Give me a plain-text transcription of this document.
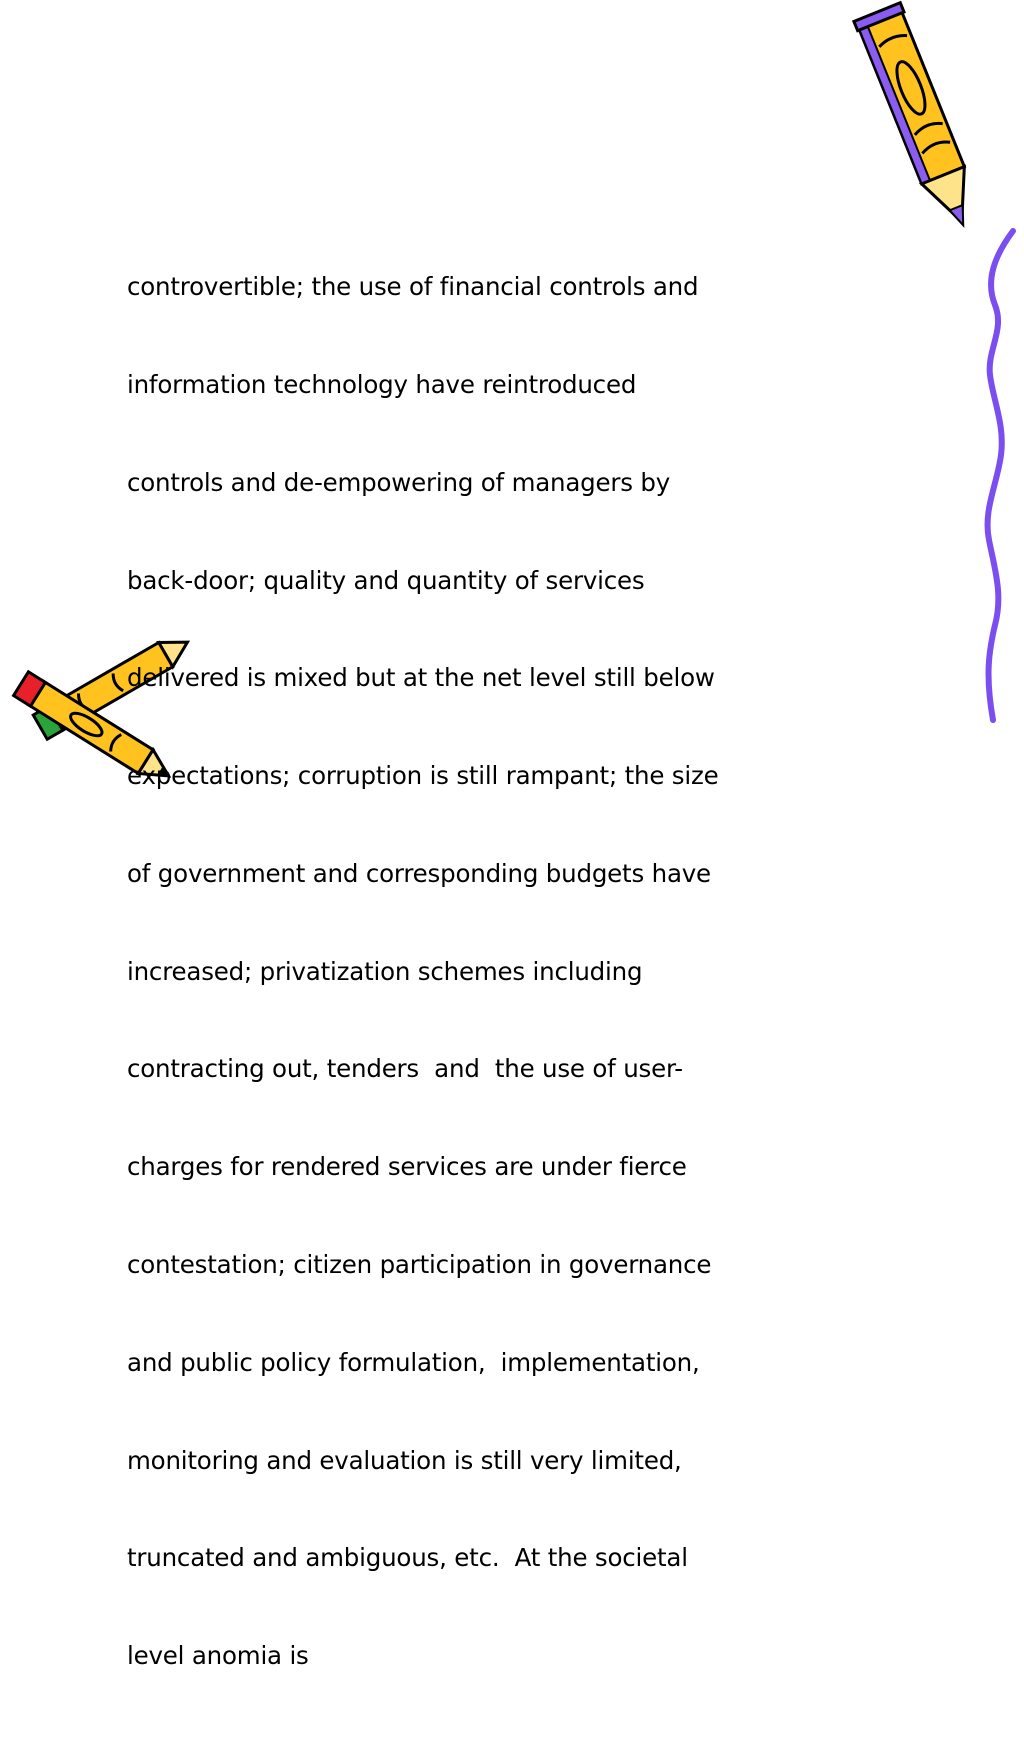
controvertible; the use of financial controls and

information technology have reintroduced

controls and de-empowering of managers by

back-door; quality and quantity of services

delivered is mixed but at the net level still below

expectations; corruption is still rampant; the size

of government and corresponding budgets have

increased; privatization schemes including

contracting out, tenders  and  the use of user-

charges for rendered services are under fierce

contestation; citizen participation in governance

and public policy formulation,  implementation,

monitoring and evaluation is still very limited,

truncated and ambiguous, etc.  At the societal

level anomia is
